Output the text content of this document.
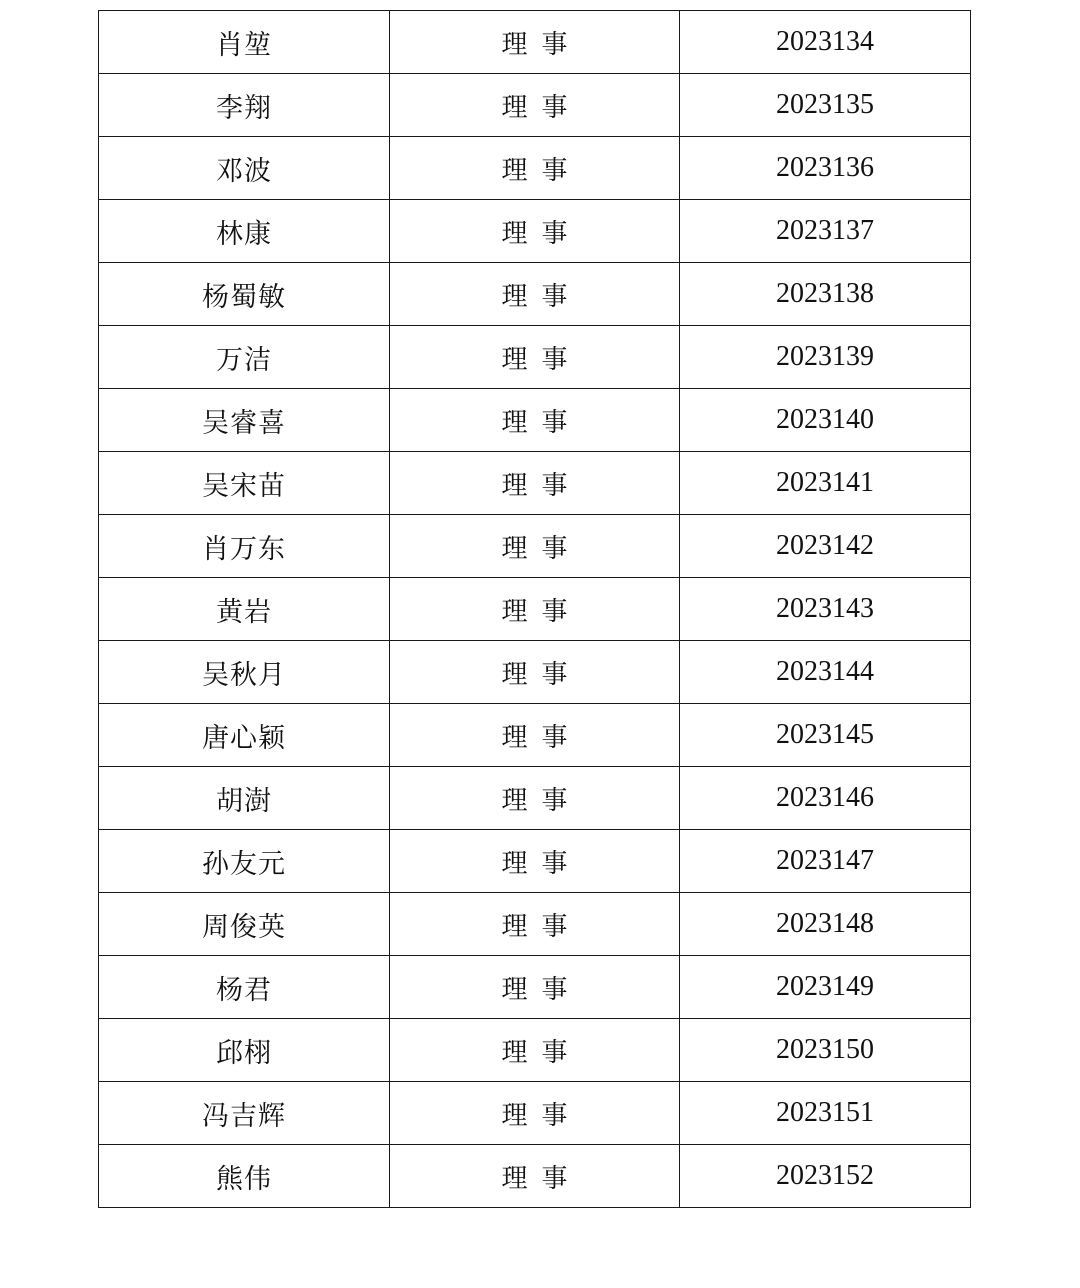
肖堃	理事	2023134
李翔	理事	2023135
邓波	理事	2023136
林康	理事	2023137
杨蜀敏	理事	2023138
万洁	理事	2023139
吴睿喜	理事	2023140
吴宋苗	理事	2023141
肖万东	理事	2023142
黄岩	理事	2023143
吴秋月	理事	2023144
唐心颖	理事	2023145
胡澍	理事	2023146
孙友元	理事	2023147
周俊英	理事	2023148
杨君	理事	2023149
邱栩	理事	2023150
冯吉辉	理事	2023151
熊伟	理事	2023152
